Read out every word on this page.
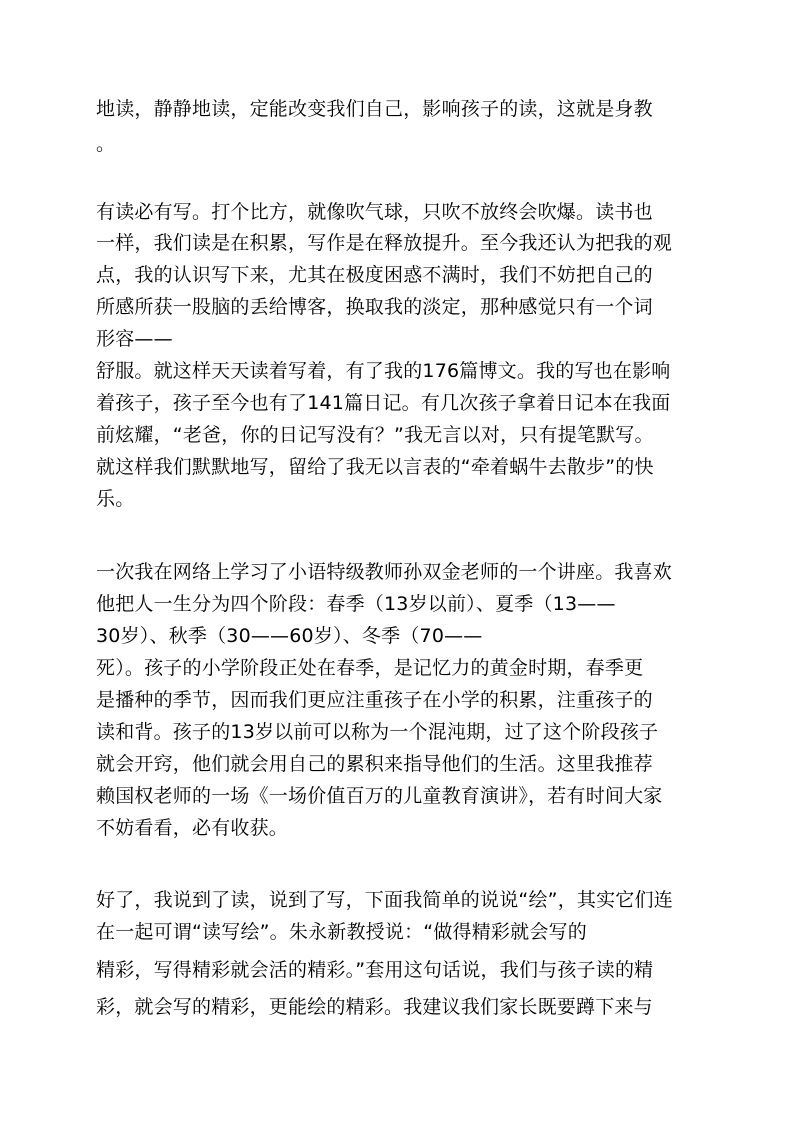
地读，静静地读，定能改变我们自己，影响孩子的读，这就是身教
。
有读必有写。打个比方，就像吹气球，只吹不放终会吹爆。读书也
一样，我们读是在积累，写作是在释放提升。至今我还认为把我的观
点，我的认识写下来，尤其在极度困惑不满时，我们不妨把自己的
所感所获一股脑的丢给博客，换取我的淡定，那种感觉只有一个词
形容——
舒服。就这样天天读着写着，有了我的176篇博文。我的写也在影响
着孩子，孩子至今也有了141篇日记。有几次孩子拿着日记本在我面
前炫耀，“老爸，你的日记写没有？”我无言以对，只有提笔默写。
就这样我们默默地写，留给了我无以言表的“牵着蜗牛去散步”的快
乐。
一次我在网络上学习了小语特级教师孙双金老师的一个讲座。我喜欢
他把人一生分为四个阶段：春季（13岁以前）、夏季（13——
30岁）、秋季（30——60岁）、冬季（70——
死）。孩子的小学阶段正处在春季，是记忆力的黄金时期，春季更
是播种的季节，因而我们更应注重孩子在小学的积累，注重孩子的
读和背。孩子的13岁以前可以称为一个混沌期，过了这个阶段孩子
就会开窍，他们就会用自己的累积来指导他们的生活。这里我推荐
赖国权老师的一场《一场价值百万的儿童教育演讲》，若有时间大家
不妨看看，必有收获。
好了，我说到了读，说到了写，下面我简单的说说“绘”，其实它们连
在一起可谓“读写绘”。朱永新教授说：“做得精彩就会写的
精彩，写得精彩就会活的精彩。”套用这句话说，我们与孩子读的精
彩，就会写的精彩，更能绘的精彩。我建议我们家长既要蹲下来与
